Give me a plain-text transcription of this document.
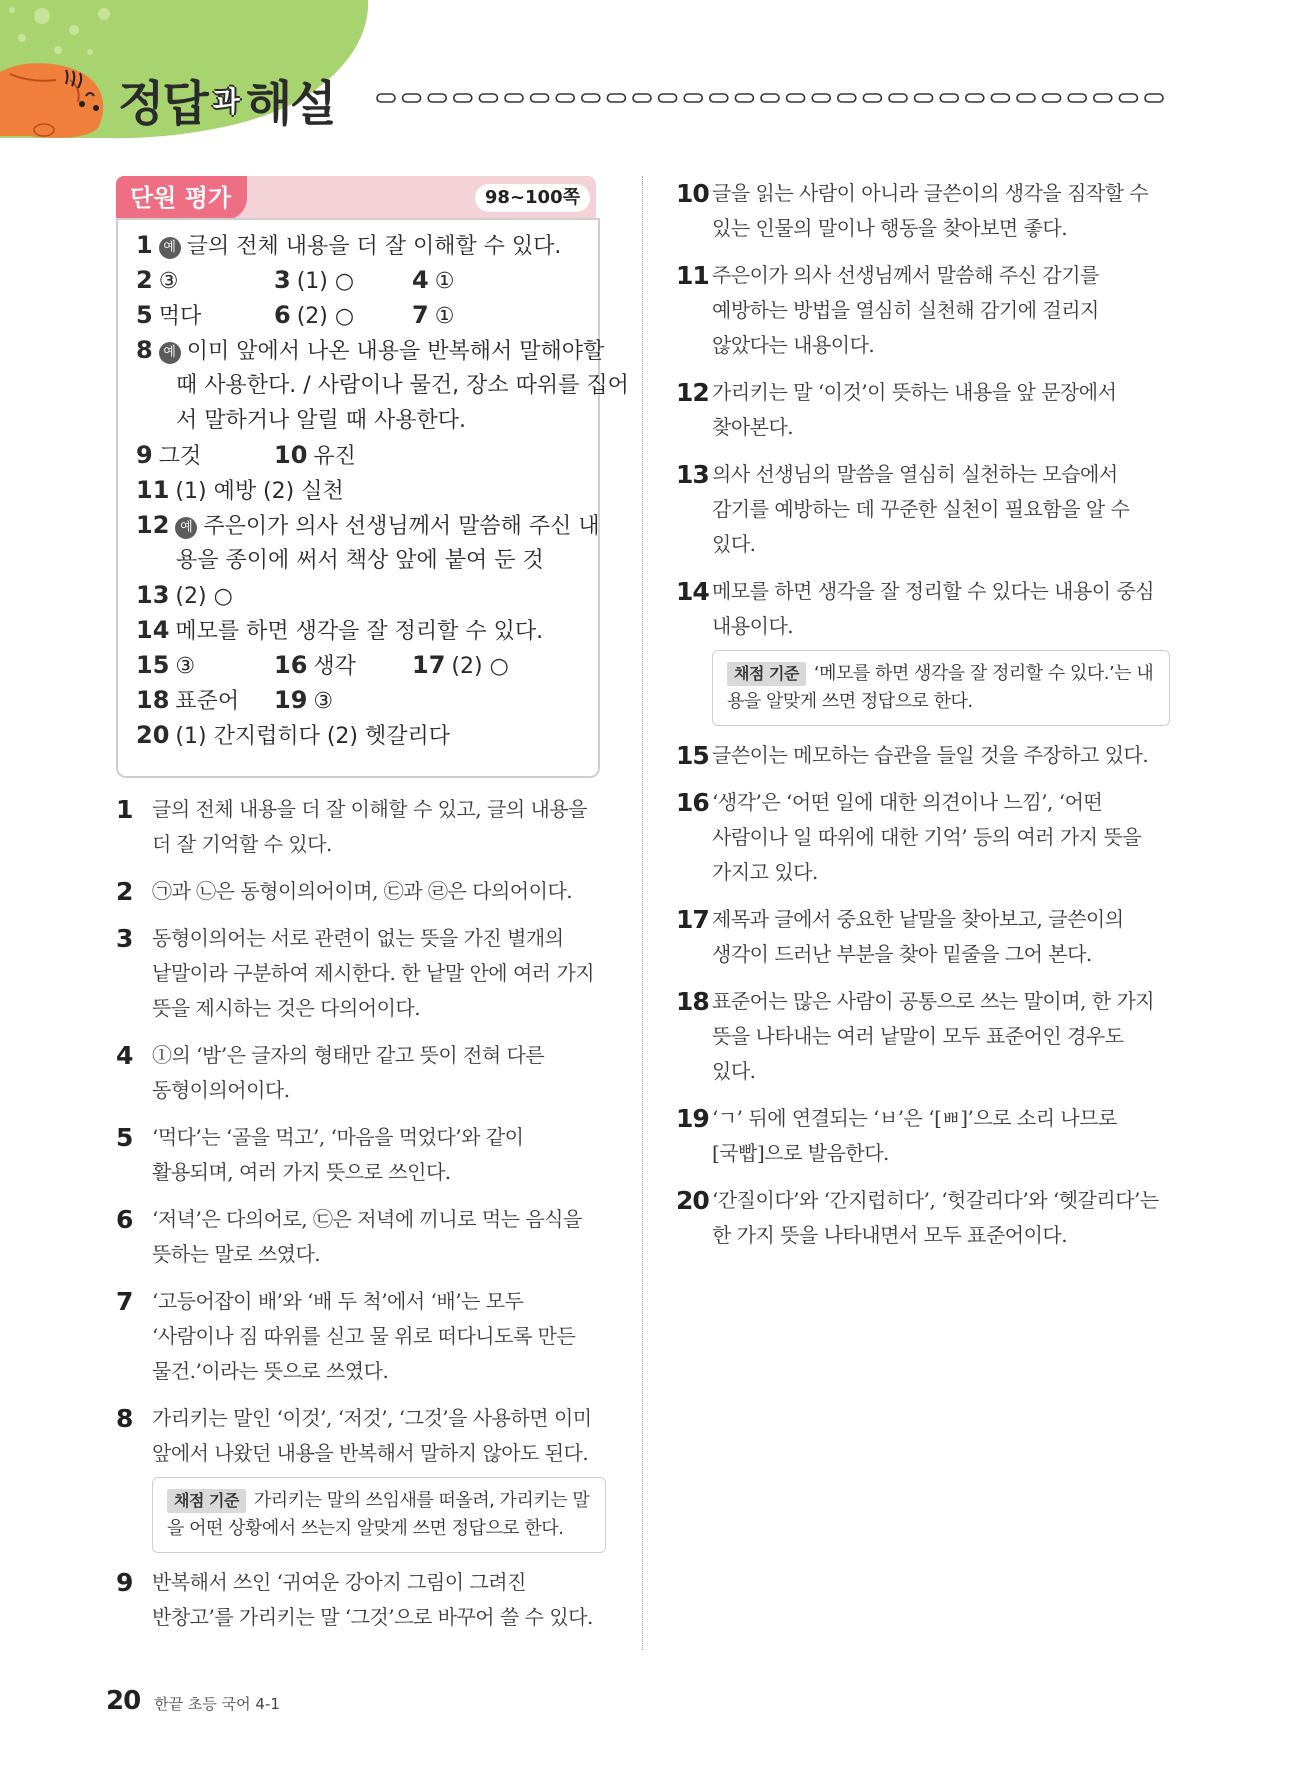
정답 과 해설
단원 평가	98~100쪽
1 예 글의 전체 내용을 더 잘 이해할 수 있다.
2 ③	3 (1) ○ 4 ①
5 먹다	6 (2) ○ 7 ①
8 예 이미 앞에서 나온 내용을 반복해서 말해야할
때 사용한다. / 사람이나 물건, 장소 따위를 집어
서 말하거나 알릴 때 사용한다.
9 그것	10 유진
11 (1) 예방 (2) 실천
12 예 주은이가 의사 선생님께서 말씀해 주신 내
용을 종이에 써서 책상 앞에 붙여 둔 것
13 (2) ○
14 메모를 하면 생각을 잘 정리할 수 있다.
15 ③	16 생각 17 (2) ○
18 표준어 19 ③
20 (1) 간지럽히다 (2) 헷갈리다
1 글의 전체 내용을 더 잘 이해할 수 있고, 글의 내용을 더 잘 기억할 수 있다.
2 ㉠과 ㉡은 동형이의어이며, ㉢과 ㉣은 다의어이다.
3 동형이의어는 서로 관련이 없는 뜻을 가진 별개의 낱말이라 구분하여 제시한다. 한 낱말 안에 여러 가지 뜻을 제시하는 것은 다의어이다.
4 ①의 ‘밤’은 글자의 형태만 같고 뜻이 전혀 다른 동형이의어이다.
5 ‘먹다’는 ‘골을 먹고’, ‘마음을 먹었다’와 같이 활용되며, 여러 가지 뜻으로 쓰인다.
6 ‘저녁’은 다의어로, ㉢은 저녁에 끼니로 먹는 음식을 뜻하는 말로 쓰였다.
7 ‘고등어잡이 배’와 ‘배 두 척’에서 ‘배’는 모두 ‘사람이나 짐 따위를 싣고 물 위로 떠다니도록 만든 물건.’이라는 뜻으로 쓰였다.
8 가리키는 말인 ‘이것’, ‘저것’, ‘그것’을 사용하면 이미 앞에서 나왔던 내용을 반복해서 말하지 않아도 된다.
채점 기준 가리키는 말의 쓰임새를 떠올려, 가리키는 말을 어떤 상황에서 쓰는지 알맞게 쓰면 정답으로 한다.
9 반복해서 쓰인 ‘귀여운 강아지 그림이 그려진 반창고’를 가리키는 말 ‘그것’으로 바꾸어 쓸 수 있다.
10 글을 읽는 사람이 아니라 글쓴이의 생각을 짐작할 수 있는 인물의 말이나 행동을 찾아보면 좋다.
11 주은이가 의사 선생님께서 말씀해 주신 감기를 예방하는 방법을 열심히 실천해 감기에 걸리지 않았다는 내용이다.
12 가리키는 말 ‘이것’이 뜻하는 내용을 앞 문장에서 찾아본다.
13 의사 선생님의 말씀을 열심히 실천하는 모습에서 감기를 예방하는 데 꾸준한 실천이 필요함을 알 수 있다.
14 메모를 하면 생각을 잘 정리할 수 있다는 내용이 중심 내용이다.
채점 기준 ‘메모를 하면 생각을 잘 정리할 수 있다.’는 내용을 알맞게 쓰면 정답으로 한다.
15 글쓴이는 메모하는 습관을 들일 것을 주장하고 있다.
16 ‘생각’은 ‘어떤 일에 대한 의견이나 느낌’, ‘어떤 사람이나 일 따위에 대한 기억’ 등의 여러 가지 뜻을 가지고 있다.
17 제목과 글에서 중요한 낱말을 찾아보고, 글쓴이의 생각이 드러난 부분을 찾아 밑줄을 그어 본다.
18 표준어는 많은 사람이 공통으로 쓰는 말이며, 한 가지 뜻을 나타내는 여러 낱말이 모두 표준어인 경우도 있다.
19 ‘ㄱ’ 뒤에 연결되는 ‘ㅂ’은 ‘[ㅃ]’으로 소리 나므로 [국빱]으로 발음한다.
20 ‘간질이다’와 ‘간지럽히다’, ‘헛갈리다’와 ‘헷갈리다’는 한 가지 뜻을 나타내면서 모두 표준어이다.
20 한끝 초등 국어 4-1
